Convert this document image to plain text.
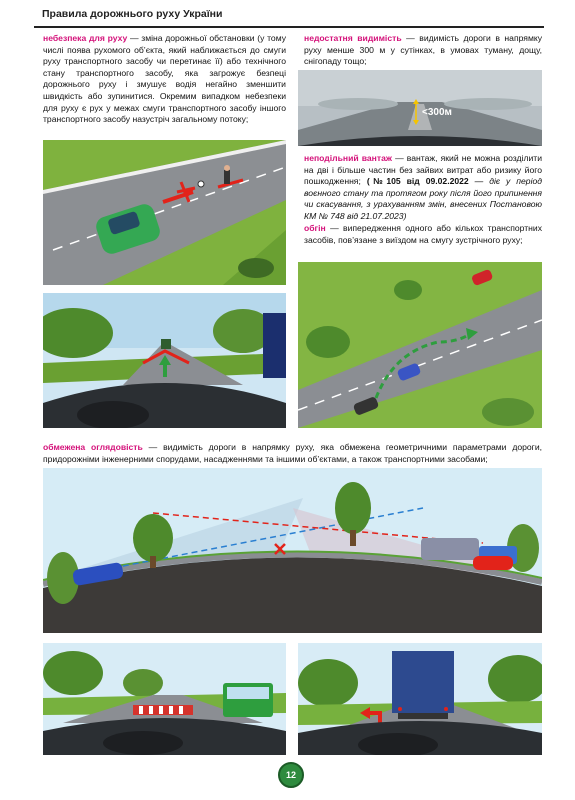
Правила дорожнього руху України
небезпека для руху — зміна дорожньої обстановки (у тому числі поява рухомого об’єкта, який наближається до смуги руху транспортного засобу чи перетинає її) або технічного стану транспортного засобу, яка загрожує безпеці дорожнього руху і змушує водія негайно зменшити швидкість або зупинитися. Окремим випадком небезпеки для руху є рух у межах смуги транспортного засобу іншого транспортного засобу назустріч загальному потоку;
недостатня видимість — видимість дороги в напрямку руху менше 300 м у сутінках, в умовах туману, дощу, снігопаду тощо;
<300м
неподільний вантаж — вантаж, який не можна розділити на дві і більше частин без зайвих витрат або ризику його пошкодження; (№105 від 09.02.2022 — діє у період воєнного стану та протягом року після його припинення чи скасування, з урахуванням змін, внесених Постановою КМ № 748 від 21.07.2023)
обгін — випередження одного або кількох транспортних засобів, пов’язане з виїздом на смугу зустрічного руху;
обмежена оглядовість — видимість дороги в напрямку руху, яка обмежена геометричними параметрами дороги, придорожніми інженерними спорудами, насадженнями та іншими об’єктами, а також транспортними засобами;
12
